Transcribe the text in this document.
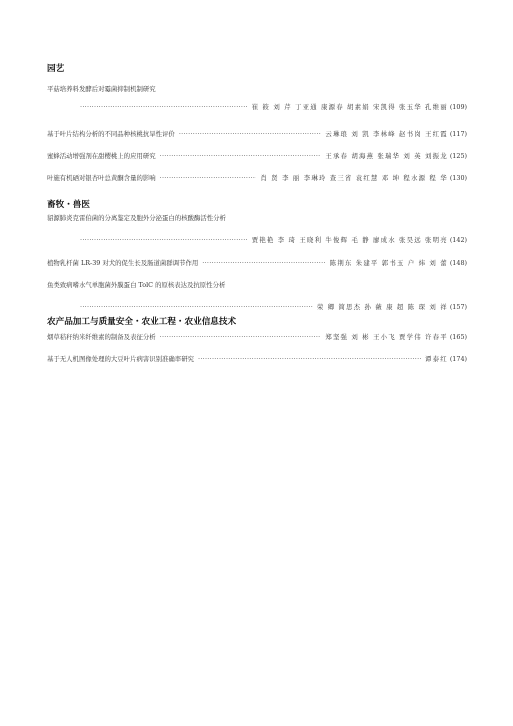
园艺
平菇培养料发酵后对霉菌抑制机制研究
·····
崔 筱 刘 芹 丁亚通 康源春 胡素娟 宋凯得 张玉华 孔维丽 (109)
基于叶片结构分析的不同品种核桃抗旱性评价 ·····	云琳琅 刘 凯 李林峰 赵书岗 王红霞 (117)
蜜蜂活动增强剂在甜樱桃上的应用研究 ·····	王承春 胡海燕 张瑞华 刘 英 刘振龙 (125)
叶施有机硒对银杏叶总黄酮含量的影响 ·····	肖 贤 李 丽 李琳玲 查三省 袁红慧 邓 坤 程水源 程 华 (130)
畜牧・兽医
貂源肺炎克雷伯菌的分离鉴定及胞外分泌蛋白的核酸酶活性分析
·····
贾艳艳 李 琦 王晓利 牛俊辉 毛 静 廖成水 张昊远 张明亮 (142)
植物乳杆菌 LR-39 对犬的促生长及肠道菌群调节作用 ·····	陈荆东 朱建平 郭书玉 户 炜 刘 蕾 (148)
鱼类致病嗜水气单胞菌外膜蛋白 TolC 的原核表达及抗原性分析
·····
荣 卿 简思杰 孙 薇 康 超 陈 琛 刘 祥 (157)
农产品加工与质量安全・农业工程・农业信息技术
烟草秸秆纳米纤维素的制备及表征分析 ·····	郑坚强 刘 彬 王小飞 贾学伟 许春平 (165)
基于无人机图像处理的大豆叶片病害识别准确率研究 ·····	谭泰红 (174)
